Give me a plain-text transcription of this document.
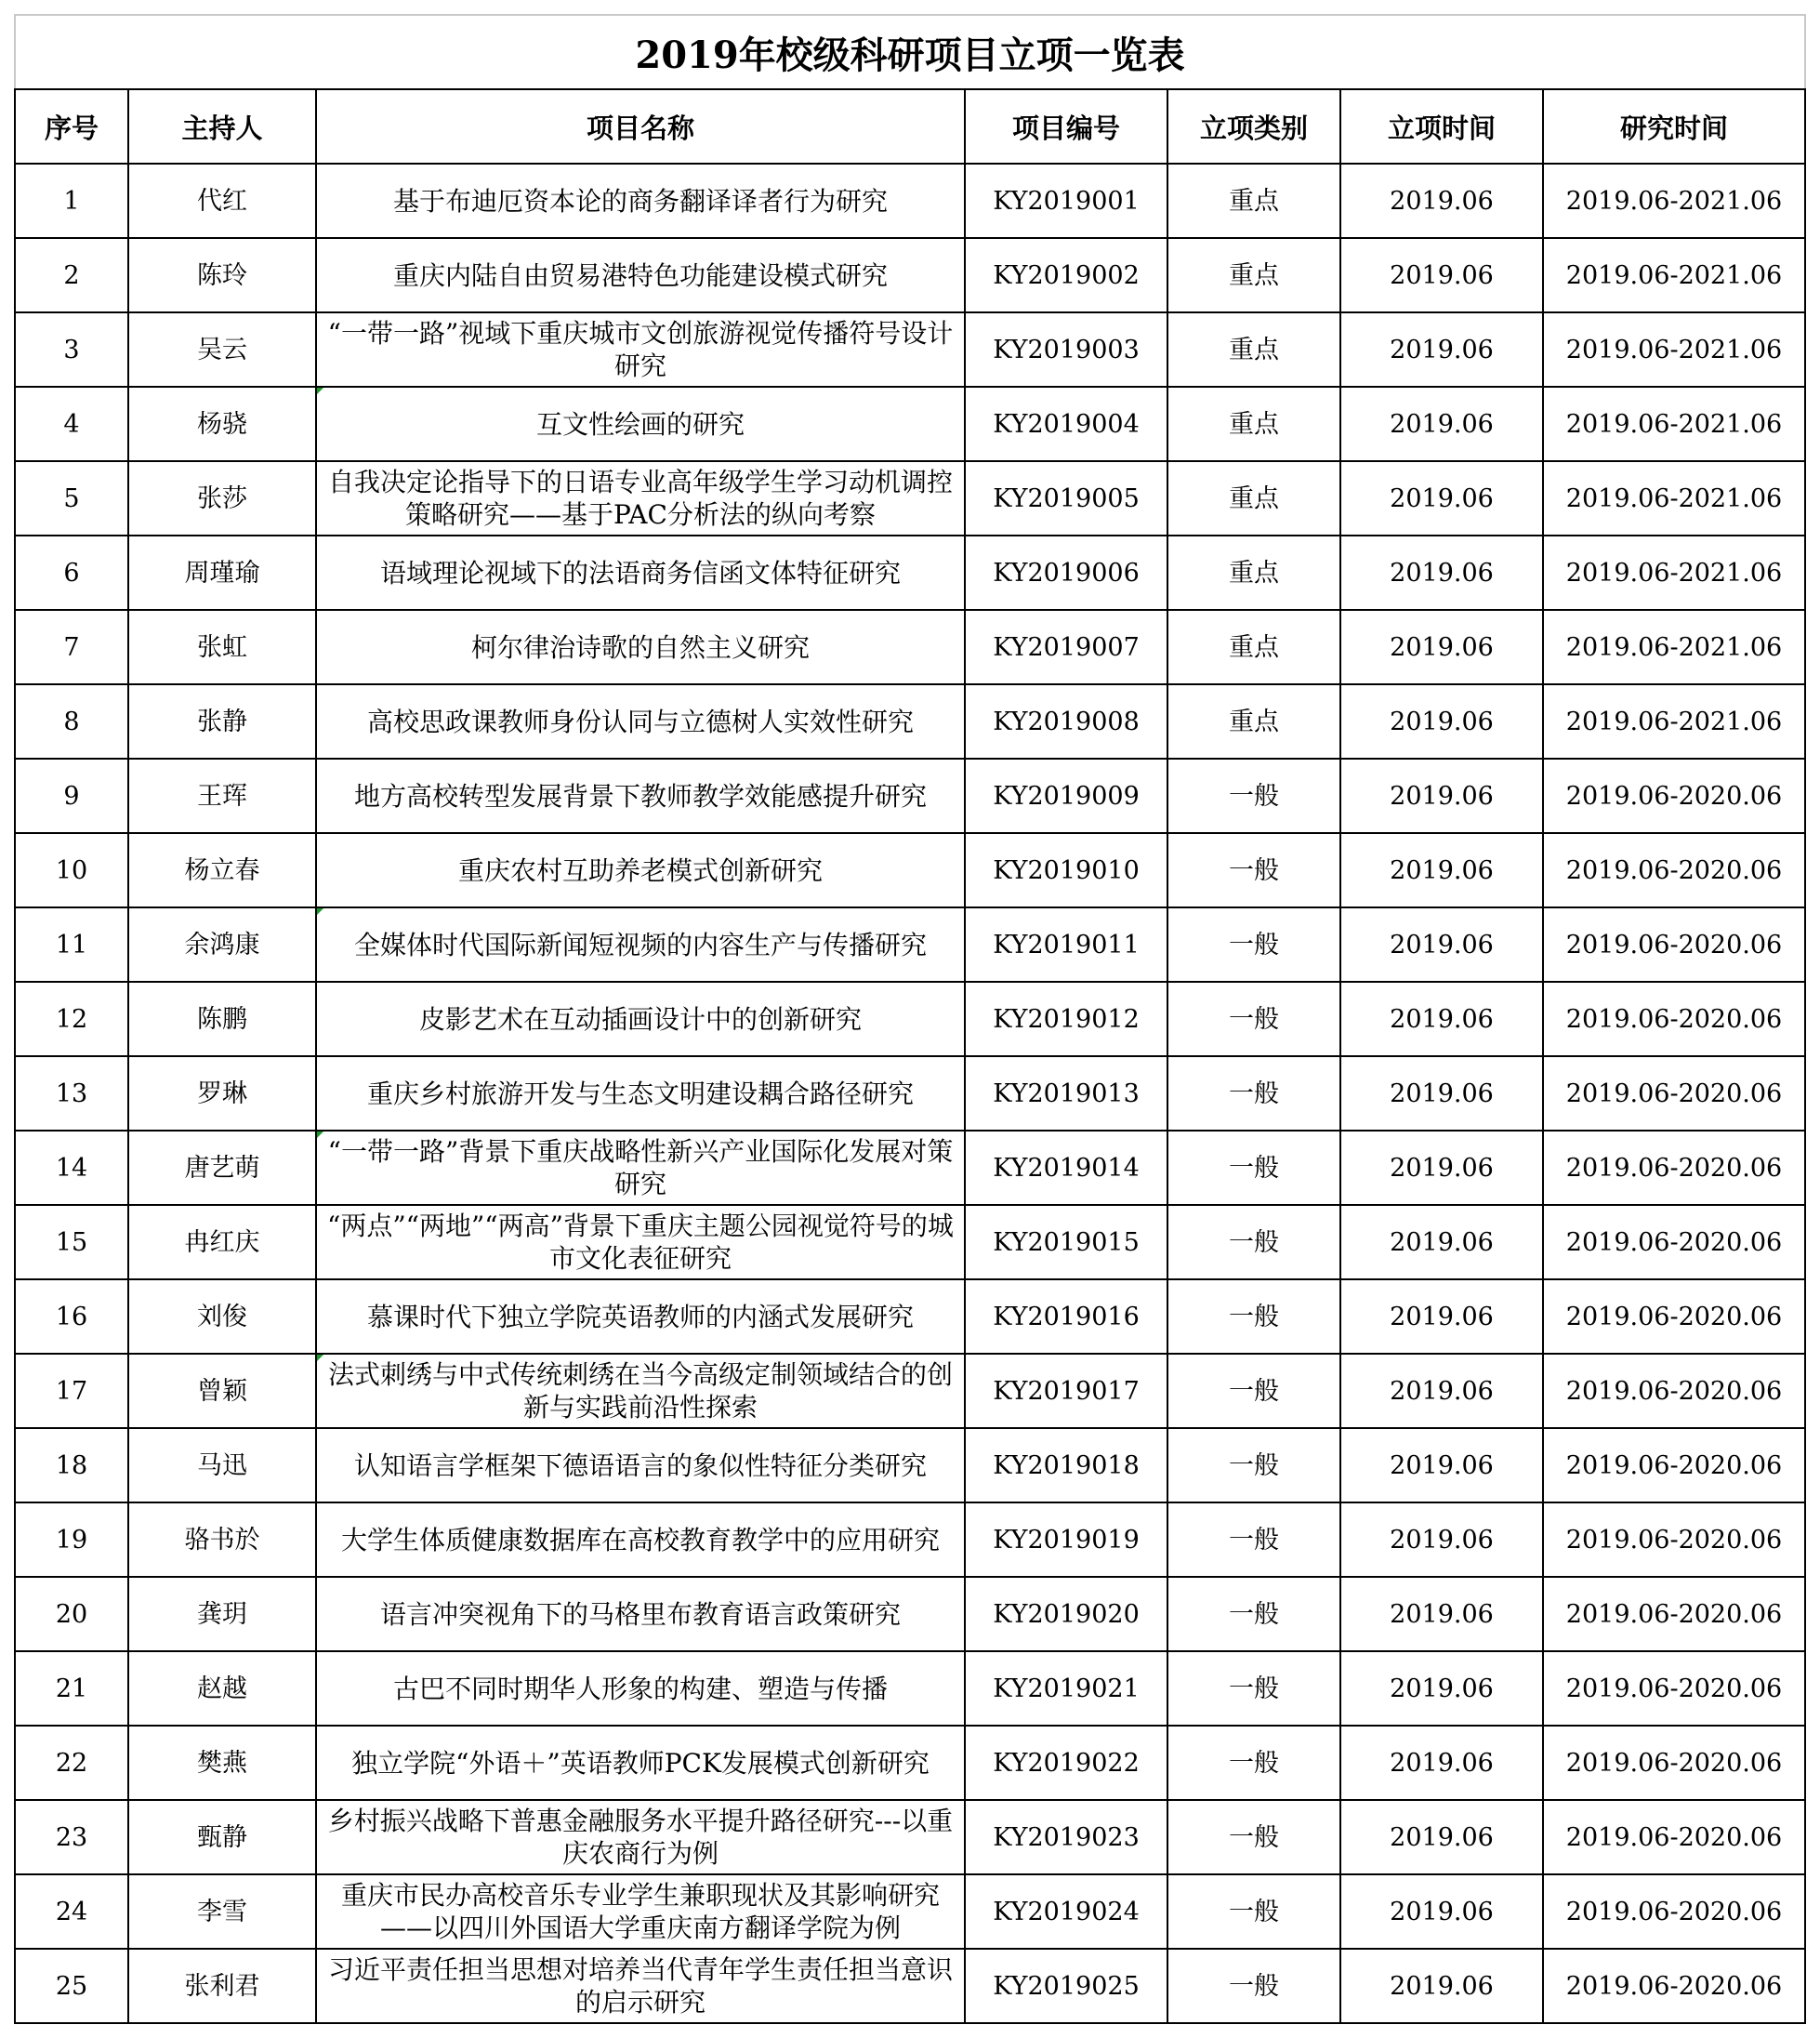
2019年校级科研项目立项一览表						
序号	主持人	项目名称	项目编号	立项类别	立项时间	研究时间
1	代红	基于布迪厄资本论的商务翻译译者行为研究	KY2019001	重点	2019.06	2019.06-2021.06
2	陈玲	重庆内陆自由贸易港特色功能建设模式研究	KY2019002	重点	2019.06	2019.06-2021.06
3	吴云	“一带一路”视域下重庆城市文创旅游视觉传播符号设计研究	KY2019003	重点	2019.06	2019.06-2021.06
4	杨骁	互文性绘画的研究	KY2019004	重点	2019.06	2019.06-2021.06
5	张莎	自我决定论指导下的日语专业高年级学生学习动机调控策略研究——基于PAC分析法的纵向考察	KY2019005	重点	2019.06	2019.06-2021.06
6	周瑾瑜	语域理论视域下的法语商务信函文体特征研究	KY2019006	重点	2019.06	2019.06-2021.06
7	张虹	柯尔律治诗歌的自然主义研究	KY2019007	重点	2019.06	2019.06-2021.06
8	张静	高校思政课教师身份认同与立德树人实效性研究	KY2019008	重点	2019.06	2019.06-2021.06
9	王珲	地方高校转型发展背景下教师教学效能感提升研究	KY2019009	一般	2019.06	2019.06-2020.06
10	杨立春	重庆农村互助养老模式创新研究	KY2019010	一般	2019.06	2019.06-2020.06
11	余鸿康	全媒体时代国际新闻短视频的内容生产与传播研究	KY2019011	一般	2019.06	2019.06-2020.06
12	陈鹏	皮影艺术在互动插画设计中的创新研究	KY2019012	一般	2019.06	2019.06-2020.06
13	罗琳	重庆乡村旅游开发与生态文明建设耦合路径研究	KY2019013	一般	2019.06	2019.06-2020.06
14	唐艺萌	“一带一路”背景下重庆战略性新兴产业国际化发展对策研究	KY2019014	一般	2019.06	2019.06-2020.06
15	冉红庆	“两点”“两地”“两高”背景下重庆主题公园视觉符号的城市文化表征研究	KY2019015	一般	2019.06	2019.06-2020.06
16	刘俊	慕课时代下独立学院英语教师的内涵式发展研究	KY2019016	一般	2019.06	2019.06-2020.06
17	曾颖	法式刺绣与中式传统刺绣在当今高级定制领域结合的创新与实践前沿性探索	KY2019017	一般	2019.06	2019.06-2020.06
18	马迅	认知语言学框架下德语语言的象似性特征分类研究	KY2019018	一般	2019.06	2019.06-2020.06
19	骆书於	大学生体质健康数据库在高校教育教学中的应用研究	KY2019019	一般	2019.06	2019.06-2020.06
20	龚玥	语言冲突视角下的马格里布教育语言政策研究	KY2019020	一般	2019.06	2019.06-2020.06
21	赵越	古巴不同时期华人形象的构建、塑造与传播	KY2019021	一般	2019.06	2019.06-2020.06
22	樊燕	独立学院“外语＋”英语教师PCK发展模式创新研究	KY2019022	一般	2019.06	2019.06-2020.06
23	甄静	乡村振兴战略下普惠金融服务水平提升路径研究---以重庆农商行为例	KY2019023	一般	2019.06	2019.06-2020.06
24	李雪	重庆市民办高校音乐专业学生兼职现状及其影响研究——以四川外国语大学重庆南方翻译学院为例	KY2019024	一般	2019.06	2019.06-2020.06
25	张利君	习近平责任担当思想对培养当代青年学生责任担当意识的启示研究	KY2019025	一般	2019.06	2019.06-2020.06
